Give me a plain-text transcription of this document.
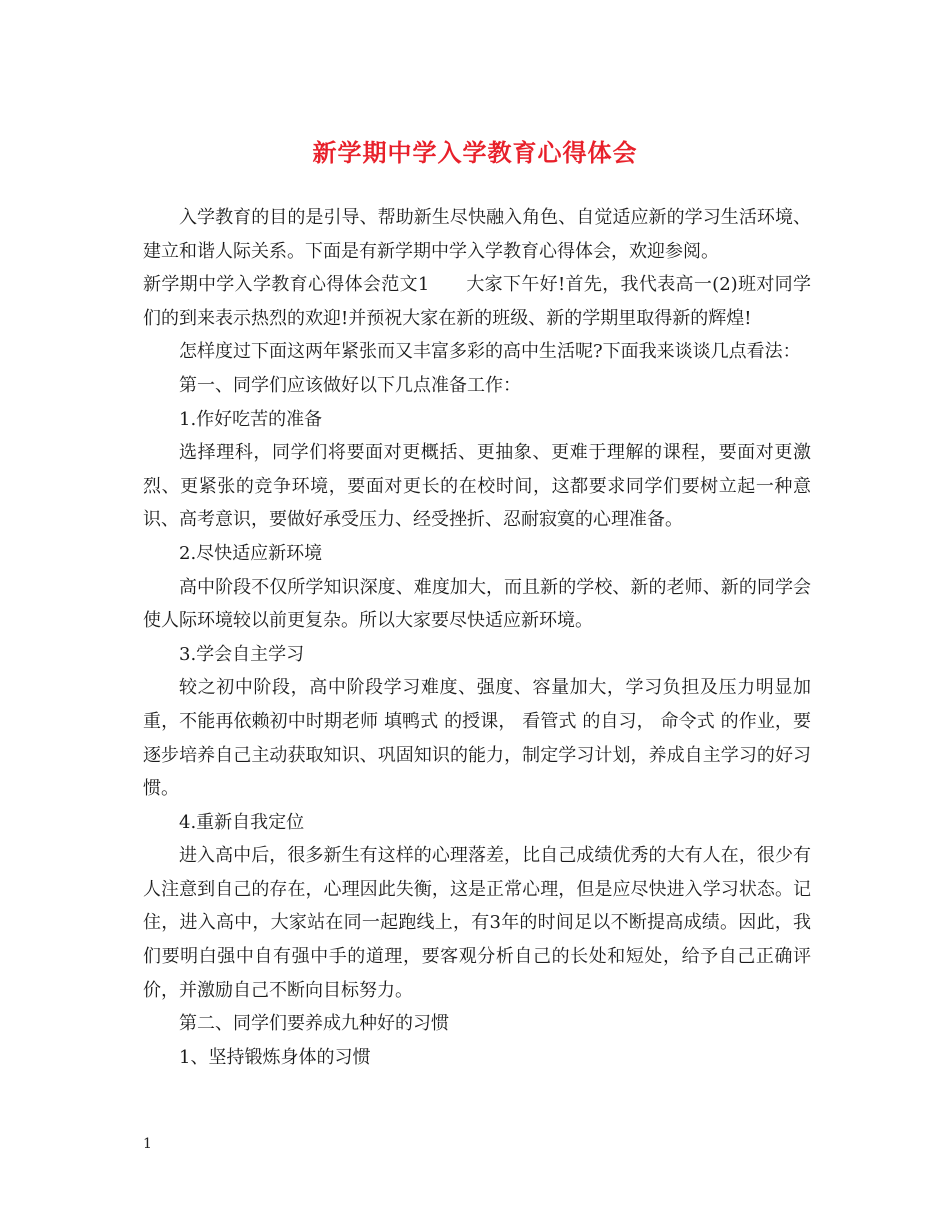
新学期中学入学教育心得体会

入学教育的目的是引导、帮助新生尽快融入角色、自觉适应新的学习生活环境、建立和谐人际关系。下面是有新学期中学入学教育心得体会，欢迎参阅。

新学期中学入学教育心得体会范文1　　大家下午好!首先，我代表高一(2)班对同学们的到来表示热烈的欢迎!并预祝大家在新的班级、新的学期里取得新的辉煌!

怎样度过下面这两年紧张而又丰富多彩的高中生活呢?下面我来谈谈几点看法：

第一、同学们应该做好以下几点准备工作：

1.作好吃苦的准备

选择理科，同学们将要面对更概括、更抽象、更难于理解的课程，要面对更激烈、更紧张的竞争环境，要面对更长的在校时间，这都要求同学们要树立起一种意识、高考意识，要做好承受压力、经受挫折、忍耐寂寞的心理准备。

2.尽快适应新环境

高中阶段不仅所学知识深度、难度加大，而且新的学校、新的老师、新的同学会使人际环境较以前更复杂。所以大家要尽快适应新环境。

3.学会自主学习

较之初中阶段，高中阶段学习难度、强度、容量加大，学习负担及压力明显加重，不能再依赖初中时期老师 填鸭式 的授课， 看管式 的自习， 命令式 的作业，要逐步培养自己主动获取知识、巩固知识的能力，制定学习计划，养成自主学习的好习惯。

4.重新自我定位

进入高中后，很多新生有这样的心理落差，比自己成绩优秀的大有人在，很少有人注意到自己的存在，心理因此失衡，这是正常心理，但是应尽快进入学习状态。记住，进入高中，大家站在同一起跑线上，有3年的时间足以不断提高成绩。因此，我们要明白强中自有强中手的道理，要客观分析自己的长处和短处，给予自己正确评价，并激励自己不断向目标努力。

第二、同学们要养成九种好的习惯

1、坚持锻炼身体的习惯

1
